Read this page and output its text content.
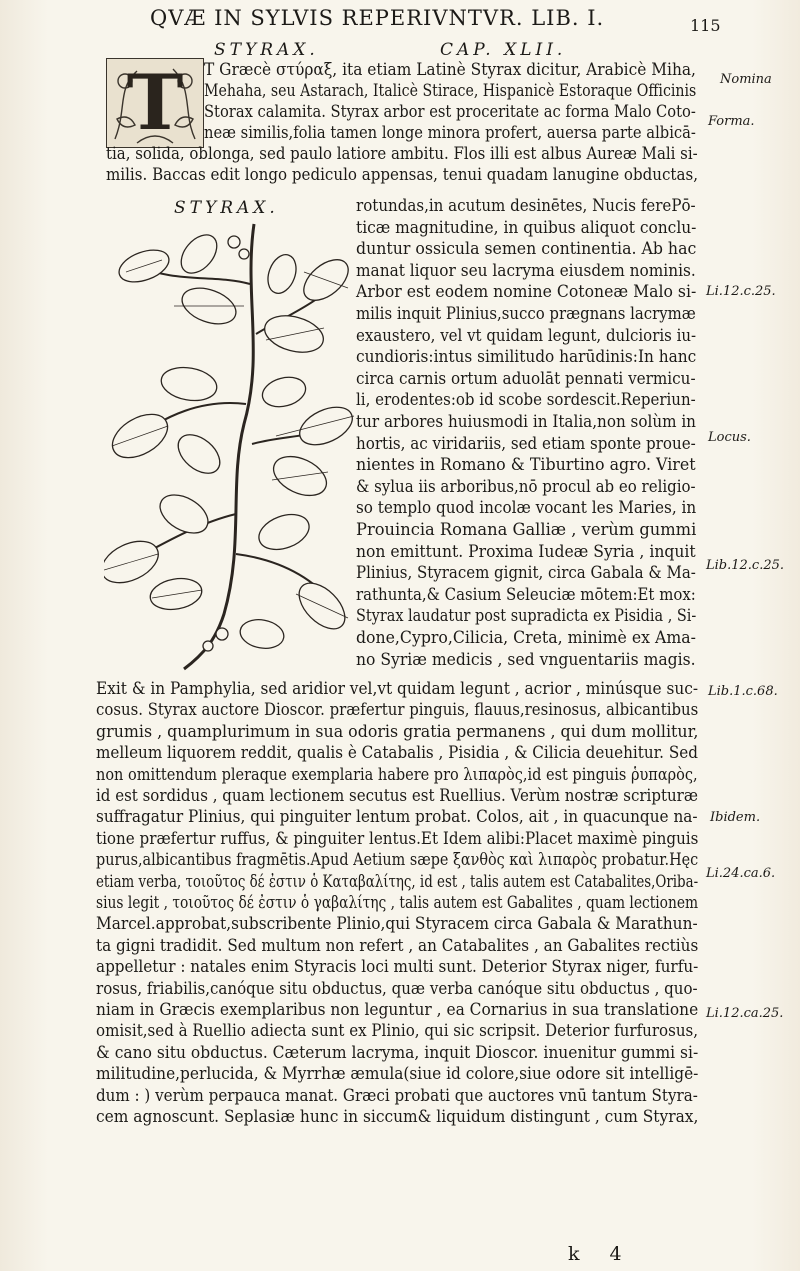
QVÆ IN SYLVIS REPERIVNTVR. LIB. I.	115
STYRAX.	CAP. XLII.
T
STYRAX.
T Græcè στύραξ, ita etiam Latinè Styrax dicitur, Arabicè Miha,
Mehaha, seu Astarach, Italicè Stirace, Hispanicè Estoraque Officinis
Storax calamita. Styrax arbor est proceritate ac forma Malo Coto-
neæ similis,folia tamen longe minora profert, auersa parte albicā-
tia, solida, oblonga, sed paulo latiore ambitu. Flos illi est albus Aureæ Mali si-
milis. Baccas edit longo pediculo appensas, tenui quadam lanugine obductas,
rotundas,in acutum desinētes, Nucis ferePō-
ticæ magnitudine, in quibus aliquot conclu-
duntur ossicula semen continentia. Ab hac
manat liquor seu lacryma eiusdem nominis.
Arbor est eodem nomine Cotoneæ Malo si-
milis inquit Plinius,succo prægnans lacrymæ
exaustero, vel vt quidam legunt, dulcioris iu-
cundioris:intus similitudo harūdinis:In hanc
circa carnis ortum aduolāt pennati vermicu-
li, erodentes:ob id scobe sordescit.Reperiun-
tur arbores huiusmodi in Italia,non solùm in
hortis, ac viridariis, sed etiam sponte proue-
nientes in Romano & Tiburtino agro. Viret
& sylua iis arboribus,nō procul ab eo religio-
so templo quod incolæ vocant les Maries, in
Prouincia Romana Galliæ , verùm gummi
non emittunt. Proxima Iudeæ Syria , inquit
Plinius, Styracem gignit, circa Gabala & Ma-
rathunta,& Casium Seleuciæ mōtem:Et mox:
Styrax laudatur post supradicta ex Pisidia , Si-
done,Cypro,Cilicia, Creta, minimè ex Ama-
no Syriæ medicis , sed vnguentariis magis.
Exit & in Pamphylia, sed aridior vel,vt quidam legunt , acrior , minúsque suc-
cosus. Styrax auctore Dioscor. præfertur pinguis, flauus,resinosus, albicantibus
grumis , quamplurimum in sua odoris gratia permanens , qui dum mollitur,
melleum liquorem reddit, qualis è Catabalis , Pisidia , & Cilicia deuehitur. Sed
non omittendum pleraque exemplaria habere pro λιπαρὸς,id est pinguis ῥυπαρὸς,
id est sordidus , quam lectionem secutus est Ruellius. Verùm nostræ scripturæ
suffragatur Plinius, qui pinguiter lentum probat. Colos, ait , in quacunque na-
tione præfertur ruffus, & pinguiter lentus.Et Idem alibi:Placet maximè pinguis
purus,albicantibus fragmētis.Apud Aetium sæpe ξανθὸς καὶ λιπαρὸς probatur.Hęc
etiam verba, τοιοῦτος δέ ἐστιν ὁ Καταβαλίτης, id est , talis autem est Catabalites,Oriba-
sius legit , τοιοῦτος δέ ἐστιν ὁ γαβαλίτης , talis autem est Gabalites , quam lectionem
Marcel.approbat,subscribente Plinio,qui Styracem circa Gabala & Marathun-
ta gigni tradidit. Sed multum non refert , an Catabalites , an Gabalites rectiùs
appelletur : natales enim Styracis loci multi sunt. Deterior Styrax niger, furfu-
rosus, friabilis,canóque situ obductus, quæ verba canóque situ obductus , quo-
niam in Græcis exemplaribus non leguntur , ea Cornarius in sua translatione
omisit,sed à Ruellio adiecta sunt ex Plinio, qui sic scripsit. Deterior furfurosus,
& cano situ obductus. Cæterum lacryma, inquit Dioscor. inuenitur gummi si-
militudine,perlucida, & Myrrhæ æmula(siue id colore,siue odore sit intelligē-
dum : ) verùm perpauca manat. Græci probati que auctores vnū tantum Styra-
cem agnoscunt. Seplasiæ hunc in siccum& liquidum distingunt , cum Styrax,
Nomina
Forma.
Li.12.c.25.
Locus.
Lib.12.c.25.
Lib.1.c.68.
Ibidem.
Li.24.ca.6.
Li.12.ca.25.
k 4
